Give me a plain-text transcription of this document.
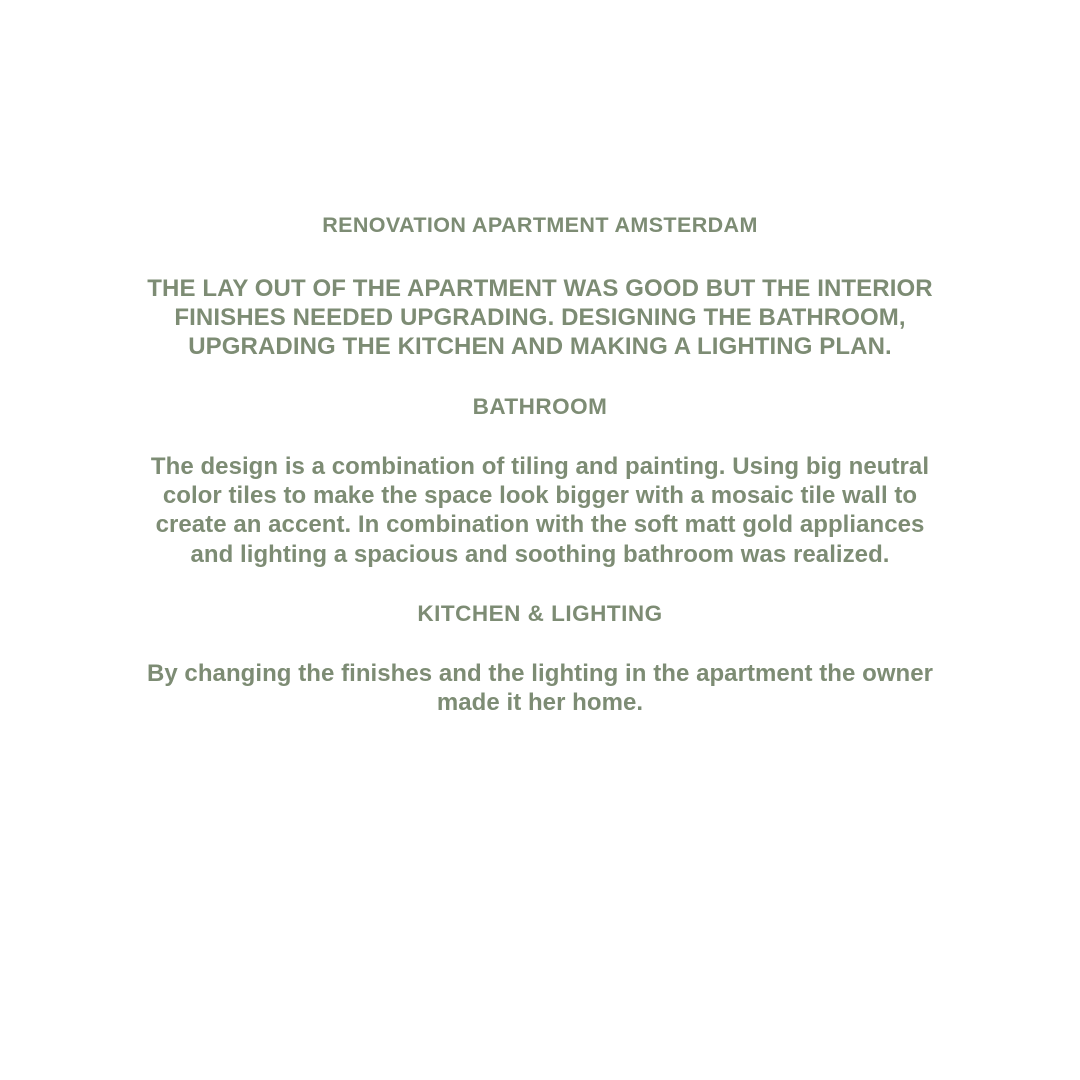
RENOVATION APARTMENT AMSTERDAM

THE LAY OUT OF THE APARTMENT WAS GOOD BUT THE INTERIOR FINISHES NEEDED UPGRADING. DESIGNING THE BATHROOM, UPGRADING THE KITCHEN AND MAKING A LIGHTING PLAN.

BATHROOM

The design is a combination of tiling and painting. Using big neutral color tiles to make the space look bigger with a mosaic tile wall to create an accent. In combination with the soft matt gold appliances and lighting a spacious and soothing bathroom was realized.

KITCHEN & LIGHTING

By changing the finishes and the lighting in the apartment the owner made it her home.
